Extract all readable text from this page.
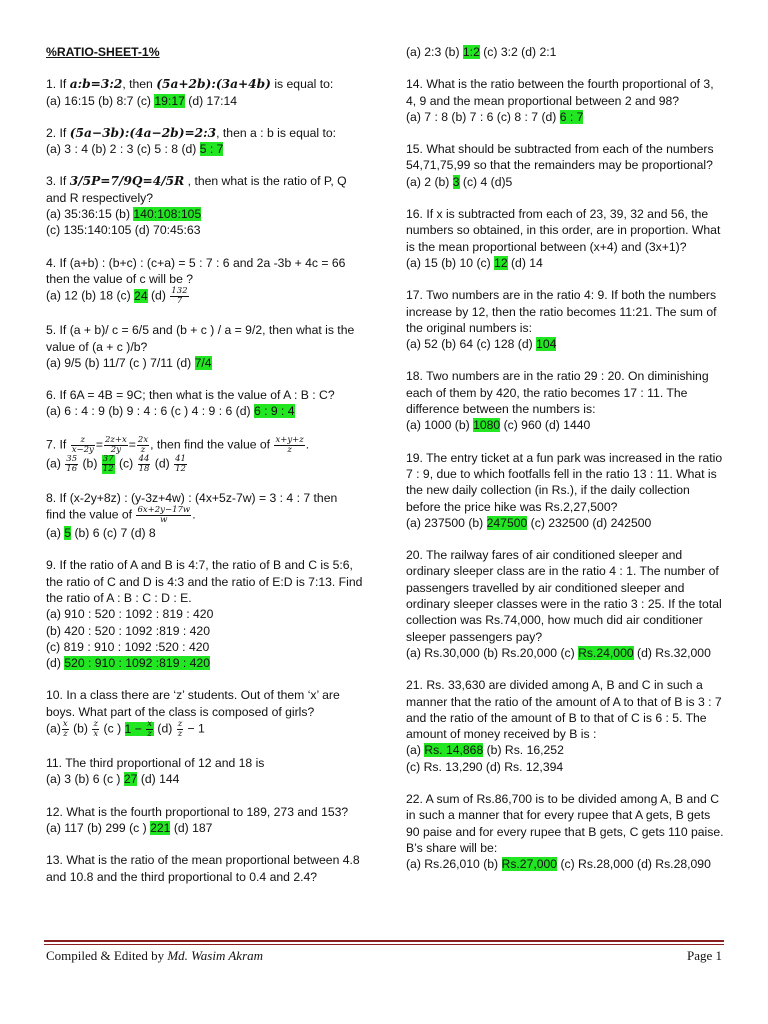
%RATIO-SHEET-1%

1. If a:b=3:2, then (5a+2b):(3a+4b) is equal to:

(a) 16:15 (b) 8:7 (c) 19:17 (d) 17:14

2. If (5a−3b):(4a−2b)=2:3, then a : b is equal to:

(a) 3 : 4 (b) 2 : 3 (c) 5 : 8 (d) 5 : 7

3. If 3/5P=7/9Q=4/5R , then what is the ratio of P, Q and R respectively?

(a) 35:36:15 (b) 140:108:105

(c) 135:140:105 (d) 70:45:63

4. If (a+b) : (b+c) : (c+a) = 5 : 7 : 6 and 2a -3b + 4c = 66 then the value of c will be ?

(a) 12 (b) 18 (c) 24 $(d) \frac{132}{7}$

5. If (a + b)/ c = 6/5 and (b + c ) / a = 9/2, then what is the value of (a + c )/b?

(a) 9/5 (b) 11/7 (c ) 7/11 (d) 7/4

6. If 6A = 4B = 9C; then what is the value of A : B : C?

(a) 6 : 4 : 9 (b) 9 : 4 : 6 (c ) 4 : 9 : 6 (d) 6 : 9 : 4

7. If $\frac{z}{x-2y} = \frac{2z+x}{2y} = \frac{2x}{z}$ , then find the value of $\frac{x+y+z}{z}$ .

$(a) \frac{35}{16} (b) \frac{37}{12} (c) \frac{44}{18} (d) \frac{41}{12}$

8. If (x-2y+8z) : (y-3z+4w) : (4x+5z-7w) = 3 : 4 : 7 then

find the value of $\frac{6x+2y-17w}{w}$ .

(a) 5 (b) 6 (c) 7 (d) 8

9. If the ratio of A and B is 4:7, the ratio of B and C is 5:6, the ratio of C and D is 4:3 and the ratio of E:D is 7:13. Find the ratio of A : B : C : D : E.

(a) 910 : 520 : 1092 : 819 : 420

(b) 420 : 520 : 1092 :819 : 420

(c) 819 : 910 : 1092 :520 : 420

(d) 520 : 910 : 1092 :819 : 420

10. In a class there are ‘z’ students. Out of them ‘x’ are boys. What part of the class is composed of girls?

$(a) \frac{x}{z} (b) \frac{z}{x} (c$ ) $1 - \frac{x}{z} (d) \frac{z}{z} - 1$

11. The third proportional of 12 and 18 is

(a) 3 (b) 6 (c ) 27 (d) 144

12. What is the fourth proportional to 189, 273 and 153?

(a) 117 (b) 299 (c ) 221 (d) 187

13. What is the ratio of the mean proportional between 4.8 and 10.8 and the third proportional to 0.4 and 2.4?

(a) 2:3 (b) 1:2 (c) 3:2 (d) 2:1

14. What is the ratio between the fourth proportional of 3, 4, 9 and the mean proportional between 2 and 98?

(a) 7 : 8 (b) 7 : 6 (c) 8 : 7 (d) 6 : 7

15. What should be subtracted from each of the numbers 54,71,75,99 so that the remainders may be proportional?

(a) 2 (b) 3 (c) 4 (d)5

16. If x is subtracted from each of 23, 39, 32 and 56, the numbers so obtained, in this order, are in proportion. What is the mean proportional between (x+4) and (3x+1)?

(a) 15 (b) 10 (c) 12 (d) 14

17. Two numbers are in the ratio 4: 9. If both the numbers increase by 12, then the ratio becomes 11:21. The sum of the original numbers is:

(a) 52 (b) 64 (c) 128 (d) 104

18. Two numbers are in the ratio 29 : 20. On diminishing each of them by 420, the ratio becomes 17 : 11. The difference between the numbers is:

(a) 1000 (b) 1080 (c) 960 (d) 1440

19. The entry ticket at a fun park was increased in the ratio 7 : 9, due to which footfalls fell in the ratio 13 : 11. What is the new daily collection (in Rs.), if the daily collection before the price hike was Rs.2,27,500?

(a) 237500 (b) 247500 (c) 232500 (d) 242500

20. The railway fares of air conditioned sleeper and ordinary sleeper class are in the ratio 4 : 1. The number of passengers travelled by air conditioned sleeper and ordinary sleeper classes were in the ratio 3 : 25. If the total collection was Rs.74,000, how much did air conditioner sleeper passengers pay?

(a) Rs.30,000 (b) Rs.20,000 (c) Rs.24,000 (d) Rs.32,000

21. Rs. 33,630 are divided among A, B and C in such a manner that the ratio of the amount of A to that of B is 3 : 7 and the ratio of the amount of B to that of C is 6 : 5. The amount of money received by B is :

(a) Rs. 14,868 (b) Rs. 16,252

(c) Rs. 13,290 (d) Rs. 12,394

22. A sum of Rs.86,700 is to be divided among A, B and C in such a manner that for every rupee that A gets, B gets 90 paise and for every rupee that B gets, C gets 110 paise. B’s share will be:

(a) Rs.26,010 (b) Rs.27,000 (c) Rs.28,000 (d) Rs.28,090

Compiled & Edited by Md. Wasim Akram	Page 1
